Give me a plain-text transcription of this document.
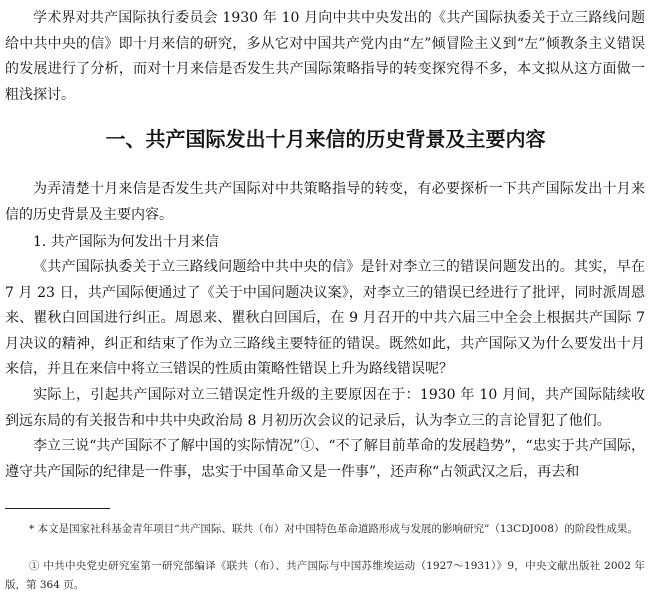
学术界对共产国际执行委员会 1930 年 10 月向中共中央发出的《共产国际执委关于立三路线问题给中共中央的信》即十月来信的研究，多从它对中国共产党内由“左”倾冒险主义到“左”倾教条主义错误的发展进行了分析，而对十月来信是否发生共产国际策略指导的转变探究得不多，本文拟从这方面做一粗浅探讨。

一、共产国际发出十月来信的历史背景及主要内容

为弄清楚十月来信是否发生共产国际对中共策略指导的转变，有必要探析一下共产国际发出十月来信的历史背景及主要内容。

1. 共产国际为何发出十月来信

《共产国际执委关于立三路线问题给中共中央的信》是针对李立三的错误问题发出的。其实，早在 7 月 23 日，共产国际便通过了《关于中国问题决议案》，对李立三的错误已经进行了批评，同时派周恩来、瞿秋白回国进行纠正。周恩来、瞿秋白回国后，在 9 月召开的中共六届三中全会上根据共产国际 7 月决议的精神，纠正和结束了作为立三路线主要特征的错误。既然如此，共产国际又为什么要发出十月来信，并且在来信中将立三错误的性质由策略性错误上升为路线错误呢？

实际上，引起共产国际对立三错误定性升级的主要原因在于：1930 年 10 月间，共产国际陆续收到远东局的有关报告和中共中央政治局 8 月初历次会议的记录后，认为李立三的言论冒犯了他们。

李立三说“共产国际不了解中国的实际情况”①、“不了解目前革命的发展趋势”，“忠实于共产国际，遵守共产国际的纪律是一件事，忠实于中国革命又是一件事”，还声称“占领武汉之后，再去和

* 本文是国家社科基金青年项目“共产国际、联共（布）对中国特色革命道路形成与发展的影响研究”（13CDJ008）的阶段性成果。

① 中共中央党史研究室第一研究部编译《联共（布）、共产国际与中国苏维埃运动（1927～1931）》9，中央文献出版社 2002 年版，第 364 页。
